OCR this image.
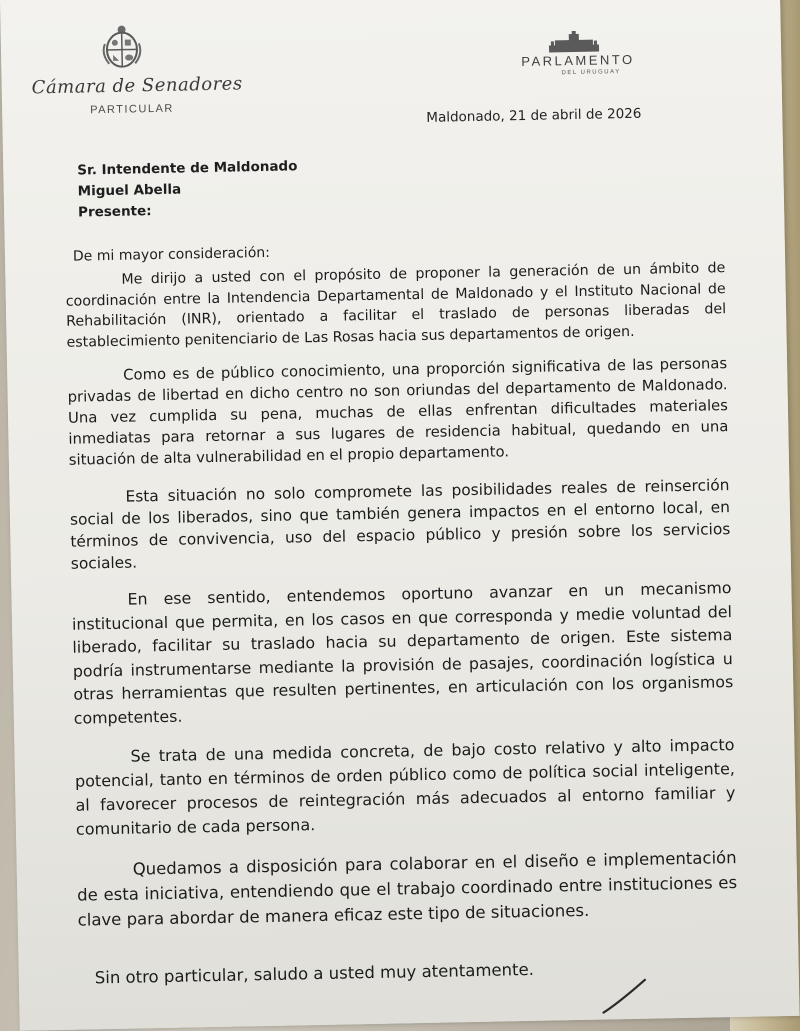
Cámara de Senadores
PARTICULAR
PARLAMENTO
DEL URUGUAY
Maldonado, 21 de abril de 2026
Sr. Intendente de Maldonado
Miguel Abella
Presente:
De mi mayor consideración:

Me dirijo a usted con el propósito de proponer la generación de un ámbito de coordinación entre la Intendencia Departamental de Maldonado y el Instituto Nacional de Rehabilitación (INR), orientado a facilitar el traslado de personas liberadas del establecimiento penitenciario de Las Rosas hacia sus departamentos de origen.

Como es de público conocimiento, una proporción significativa de las personas privadas de libertad en dicho centro no son oriundas del departamento de Maldonado. Una vez cumplida su pena, muchas de ellas enfrentan dificultades materiales inmediatas para retornar a sus lugares de residencia habitual, quedando en una situación de alta vulnerabilidad en el propio departamento.

Esta situación no solo compromete las posibilidades reales de reinserción social de los liberados, sino que también genera impactos en el entorno local, en términos de convivencia, uso del espacio público y presión sobre los servicios sociales.

En ese sentido, entendemos oportuno avanzar en un mecanismo institucional que permita, en los casos en que corresponda y medie voluntad del liberado, facilitar su traslado hacia su departamento de origen. Este sistema podría instrumentarse mediante la provisión de pasajes, coordinación logística u otras herramientas que resulten pertinentes, en articulación con los organismos competentes.

Se trata de una medida concreta, de bajo costo relativo y alto impacto potencial, tanto en términos de orden público como de política social inteligente, al favorecer procesos de reintegración más adecuados al entorno familiar y comunitario de cada persona.

Quedamos a disposición para colaborar en el diseño e implementación de esta iniciativa, entendiendo que el trabajo coordinado entre instituciones es clave para abordar de manera eficaz este tipo de situaciones.

Sin otro particular, saludo a usted muy atentamente.
